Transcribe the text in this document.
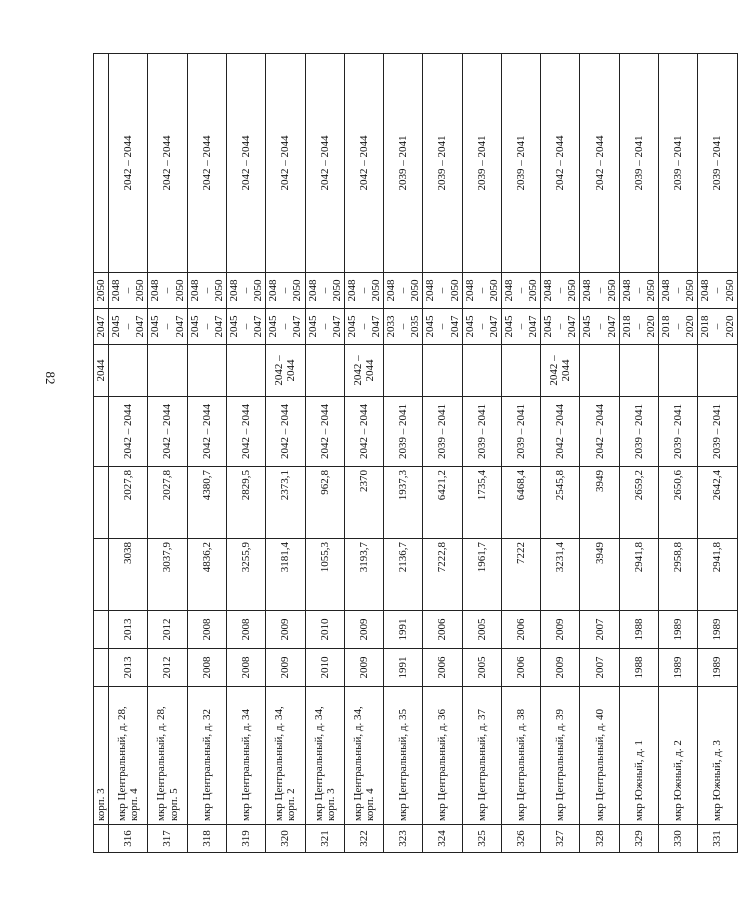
82
	корп. 3						2044	2047	2050	
316	мкр Центральный, д. 28, корп. 4	2013	2013	3038	2027,8	2042 – 2044		2045 – 2047	2048 – 2050	2042 – 2044
317	мкр Центральный, д. 28, корп. 5	2012	2012	3037,9	2027,8	2042 – 2044		2045 – 2047	2048 – 2050	2042 – 2044
318	мкр Центральный, д. 32	2008	2008	4836,2	4380,7	2042 – 2044		2045 – 2047	2048 – 2050	2042 – 2044
319	мкр Центральный, д. 34	2008	2008	3255,9	2829,5	2042 – 2044		2045 – 2047	2048 – 2050	2042 – 2044
320	мкр Центральный, д. 34, корп. 2	2009	2009	3181,4	2373,1	2042 – 2044	2042 – 2044	2045 – 2047	2048 – 2050	2042 – 2044
321	мкр Центральный, д. 34, корп. 3	2010	2010	1055,3	962,8	2042 – 2044		2045 – 2047	2048 – 2050	2042 – 2044
322	мкр Центральный, д. 34, корп. 4	2009	2009	3193,7	2370	2042 – 2044	2042 – 2044	2045 – 2047	2048 – 2050	2042 – 2044
323	мкр Центральный, д. 35	1991	1991	2136,7	1937,3	2039 – 2041		2033 – 2035	2048 – 2050	2039 – 2041
324	мкр Центральный, д. 36	2006	2006	7222,8	6421,2	2039 – 2041		2045 – 2047	2048 – 2050	2039 – 2041
325	мкр Центральный, д. 37	2005	2005	1961,7	1735,4	2039 – 2041		2045 – 2047	2048 – 2050	2039 – 2041
326	мкр Центральный, д. 38	2006	2006	7222	6468,4	2039 – 2041		2045 – 2047	2048 – 2050	2039 – 2041
327	мкр Центральный, д. 39	2009	2009	3231,4	2545,8	2042 – 2044	2042 – 2044	2045 – 2047	2048 – 2050	2042 – 2044
328	мкр Центральный, д. 40	2007	2007	3949	3949	2042 – 2044		2045 – 2047	2048 – 2050	2042 – 2044
329	мкр Южный, д. 1	1988	1988	2941,8	2659,2	2039 – 2041		2018 – 2020	2048 – 2050	2039 – 2041
330	мкр Южный, д. 2	1989	1989	2958,8	2650,6	2039 – 2041		2018 – 2020	2048 – 2050	2039 – 2041
331	мкр Южный, д. 3	1989	1989	2941,8	2642,4	2039 – 2041		2018 – 2020	2048 – 2050	2039 – 2041
